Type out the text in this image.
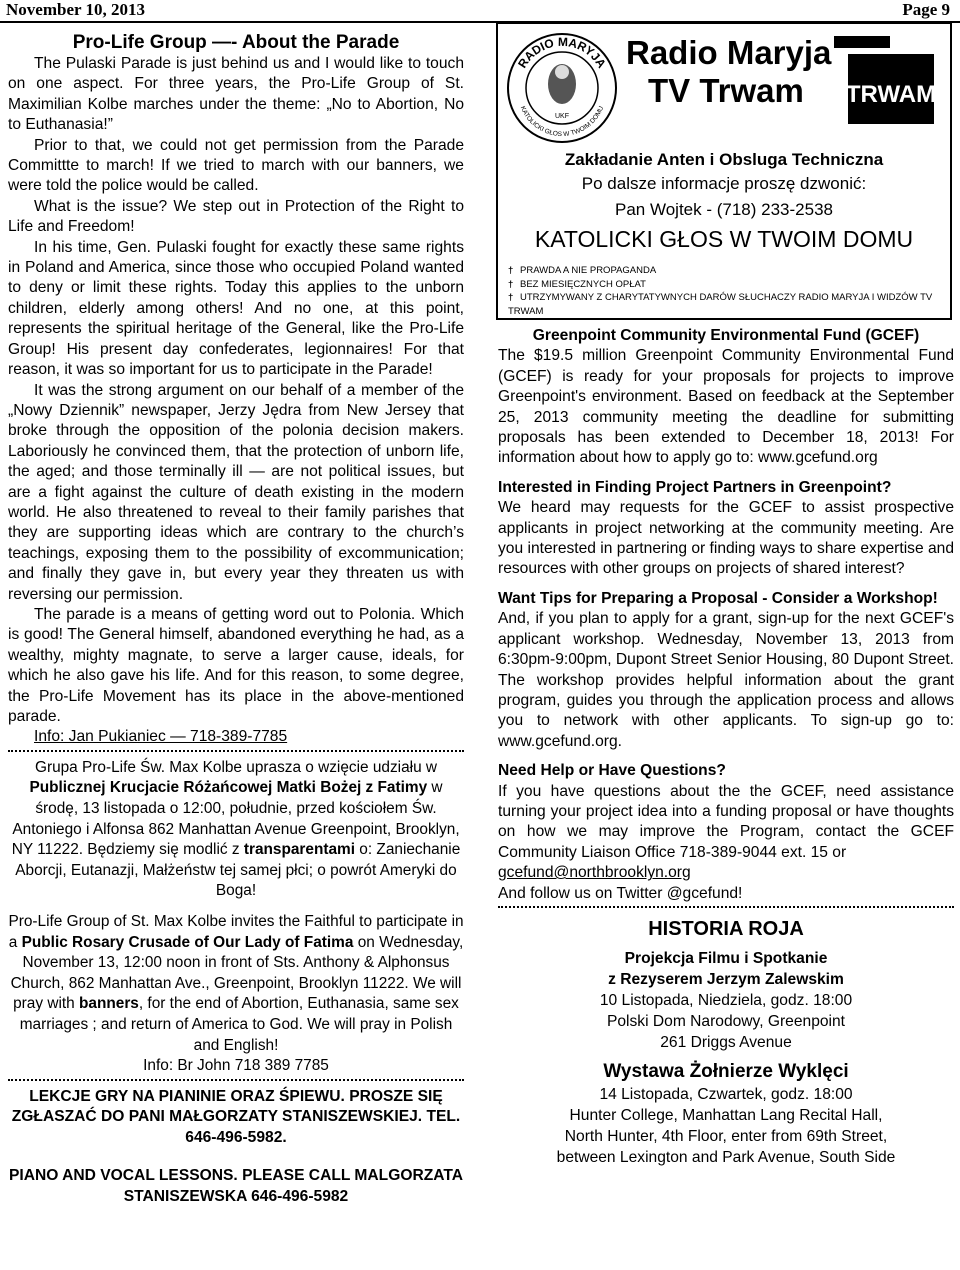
November 10, 2013	Page 9
Pro-Life Group —- About the Parade

The Pulaski Parade is just behind us and I would like to touch on one aspect. For three years, the Pro-Life Group of St. Maximilian Kolbe marches under the theme: „No to Abortion, No to Euthanasia!”

Prior to that, we could not get permission from the Parade Committte to march! If we tried to march with our banners, we were told the police would be called.

What is the issue? We step out in Protection of the Right to Life and Freedom!

In his time, Gen. Pulaski fought for exactly these same rights in Poland and America, since those who occupied Poland wanted to deny or limit these rights. Today this applies to the unborn children, elderly among others! And no one, at this point, represents the spiritual heritage of the General, like the Pro-Life Group! His present day confederates, legionnaires! For that reason, it was so important for us to participate in the Parade!

It was the strong argument on our behalf of a member of the „Nowy Dziennik” newspaper, Jerzy Jędra from New Jersey that broke through the opposition of the polonia decision makers. Laboriously he convinced them, that the protection of unborn life, the aged; and those terminally ill — are not political issues, but are a fight against the culture of death existing in the modern world. He also threatened to reveal to their family parishes that they are supporting ideas which are contrary to the church’s teachings, exposing them to the possibility of excommunication; and finally they gave in, but every year they threaten us with reversing our permission.

The parade is a means of getting word out to Polonia. Which is good! The General himself, abandoned everything he had, as a wealthy, mighty magnate, to serve a larger cause, ideals, for which he also gave his life. And for this reason, to some degree, the Pro-Life Movement has its place in the above-mentioned parade.

Info: Jan Pukianiec — 718-389-7785

Grupa Pro-Life Św. Max Kolbe uprasza o wzięcie udziału w Publicznej Krucjacie Różańcowej Matki Bożej z Fatimy w środę, 13 listopada o 12:00, południe, przed kościołem Św. Antoniego i Alfonsa 862 Manhattan Avenue Greenpoint, Brooklyn, NY 11222. Będziemy się modlić z transparentami o: Zaniechanie Aborcji, Eutanazji, Małżeństw tej samej płci; o powrót Ameryki do Boga!
Pro-Life Group of St. Max Kolbe invites the Faithful to participate in a Public Rosary Crusade of Our Lady of Fatima on Wednesday, November 13, 12:00 noon in front of Sts. Anthony & Alphonsus Church, 862 Manhattan Ave., Greenpoint, Brooklyn 11222. We will pray with banners, for the end of Abortion, Euthanasia, same sex marriages ; and return of America to God. We will pray in Polish and English!
Info: Br John 718 389 7785
LEKCJE GRY NA PIANINIE ORAZ ŚPIEWU. PROSZE SIĘ ZGŁASZAĆ DO PANI MAŁGORZATY STANISZEWSKIEJ. TEL. 646-496-5982.
PIANO AND VOCAL LESSONS. PLEASE CALL MALGORZATA STANISZEWSKA 646-496-5982
RADIO MARYJA
KATOLICKI GŁOS W TWOIM DOMU
UKF
Radio Maryja
TV Trwam	TRWAM
Zakładanie Anten i Obsluga Techniczna
Po dalsze informacje proszę dzwonić:
Pan Wojtek - (718) 233-2538
KATOLICKI GŁOS W TWOIM DOMU
† PRAWDA A NIE PROPAGANDA
† BEZ MIESIĘCZNYCH OPŁAT
† UTRZYMYWANY Z CHARYTATYWNYCH DARÓW SŁUCHACZY RADIO MARYJA I WIDZÓW TV TRWAM
Greenpoint Community Environmental Fund (GCEF)

The $19.5 million Greenpoint Community Environmental Fund (GCEF) is ready for your proposals for projects to improve Greenpoint's environment. Based on feedback at the September 25, 2013 community meeting the deadline for submitting proposals has been extended to December 18, 2013! For information about how to apply go to: www.gcefund.org

Interested in Finding Project Partners in Greenpoint?

We heard may requests for the GCEF to assist prospective applicants in project networking at the community meeting. Are you interested in partnering or finding ways to share expertise and resources with other groups on projects of shared interest?

Want Tips for Preparing a Proposal - Consider a Workshop!

And, if you plan to apply for a grant, sign-up for the next GCEF's applicant workshop. Wednesday, November 13, 2013 from 6:30pm-9:00pm, Dupont Street Senior Housing, 80 Dupont Street. The workshop provides helpful information about the grant program, guides you through the application process and allows you to network with other applicants. To sign-up go to: www.gcefund.org.

Need Help or Have Questions?

If you have questions about the the GCEF, need assistance turning your project idea into a funding proposal or have thoughts on how we may improve the Program, contact the GCEF Community Liaison Office 718-389-9044 ext. 15 or

gcefund@northbrooklyn.org

And follow us on Twitter @gcefund!

HISTORIA ROJA
Projekcja Filmu i Spotkanie
z Rezyserem Jerzym Zalewskim
10 Listopada, Niedziela, godz. 18:00
Polski Dom Narodowy, Greenpoint
261 Driggs Avenue
Wystawa Żołnierze Wyklęci
14 Listopada, Czwartek, godz. 18:00
Hunter College, Manhattan Lang Recital Hall,
North Hunter, 4th Floor, enter from 69th Street,
between Lexington and Park Avenue, South Side
